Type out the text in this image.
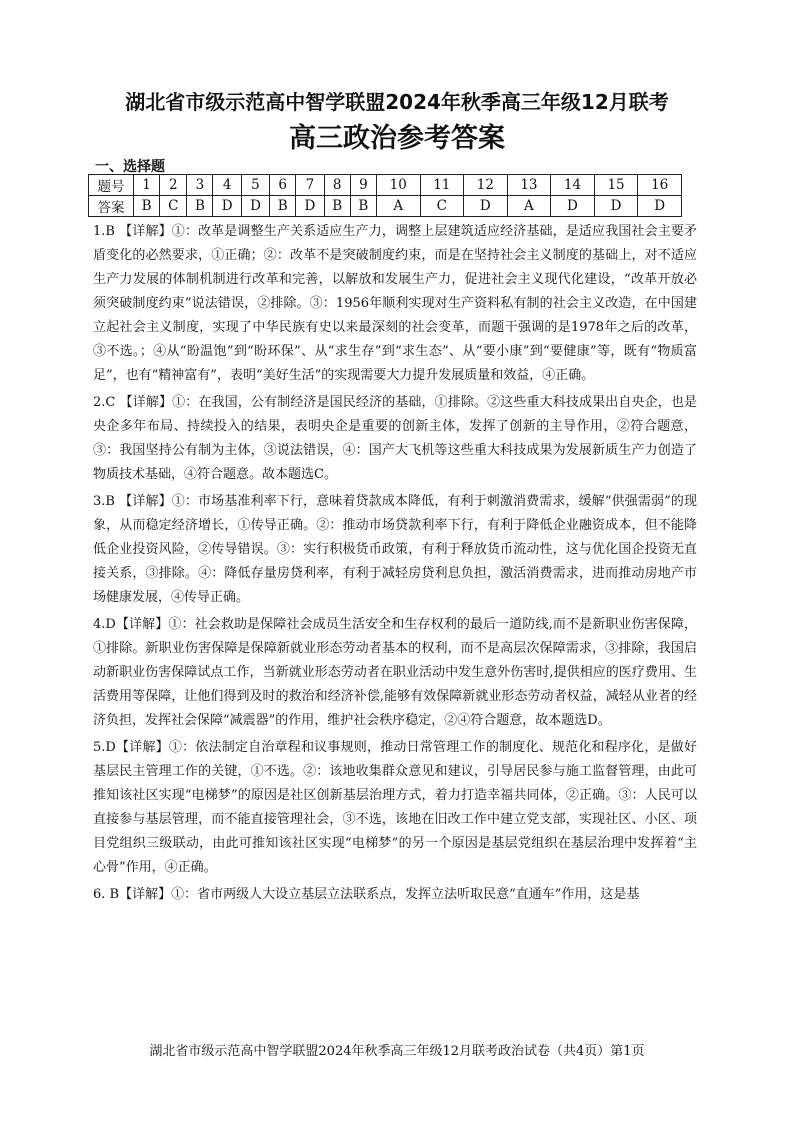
湖北省市级示范高中智学联盟2024年秋季高三年级12月联考
高三政治参考答案
一、选择题
题号	1	2	3	4	5	6	7	8	9	10	11	12	13	14	15	16
答案	B	C	B	D	D	B	D	B	B	A	C	D	A	D	D	D

1.B 【详解】①：改革是调整生产关系适应生产力，调整上层建筑适应经济基础，是适应我国社会主要矛盾变化的必然要求，①正确；②：改革不是突破制度约束，而是在坚持社会主义制度的基础上，对不适应生产力发展的体制机制进行改革和完善，以解放和发展生产力，促进社会主义现代化建设，“改革开放必须突破制度约束”说法错误，②排除。③：1956年顺利实现对生产资料私有制的社会主义改造，在中国建立起社会主义制度，实现了中华民族有史以来最深刻的社会变革，而题干强调的是1978年之后的改革，③不选。；④从“盼温饱”到“盼环保”、从“求生存”到“求生态”、从“要小康”到“要健康”等，既有“物质富足”，也有“精神富有”，表明“美好生活”的实现需要大力提升发展质量和效益，④正确。

2.C 【详解】①：在我国，公有制经济是国民经济的基础，①排除。②这些重大科技成果出自央企，也是央企多年布局、持续投入的结果，表明央企是重要的创新主体，发挥了创新的主导作用，②符合题意，③：我国坚持公有制为主体，③说法错误，④：国产大飞机等这些重大科技成果为发展新质生产力创造了物质技术基础，④符合题意。故本题选C。

3.B 【详解】①：市场基准利率下行，意味着贷款成本降低，有利于刺激消费需求，缓解“供强需弱”的现象，从而稳定经济增长，①传导正确。②：推动市场贷款利率下行，有利于降低企业融资成本，但不能降低企业投资风险，②传导错误。③：实行积极货币政策，有利于释放货币流动性，这与优化国企投资无直接关系，③排除。④：降低存量房贷利率，有利于减轻房贷利息负担，激活消费需求，进而推动房地产市场健康发展，④传导正确。

4.D【详解】①：社会救助是保障社会成员生活安全和生存权利的最后一道防线,而不是新职业伤害保障，①排除。新职业伤害保障是保障新就业形态劳动者基本的权利，而不是高层次保障需求，③排除，我国启动新职业伤害保障试点工作，当新就业形态劳动者在职业活动中发生意外伤害时,提供相应的医疗费用、生活费用等保障，让他们得到及时的救治和经济补偿,能够有效保障新就业形态劳动者权益，减轻从业者的经济负担，发挥社会保障“减震器”的作用，维护社会秩序稳定，②④符合题意，故本题选D。

5.D【详解】①：依法制定自治章程和议事规则，推动日常管理工作的制度化、规范化和程序化，是做好基层民主管理工作的关键，①不选。②：该地收集群众意见和建议，引导居民参与施工监督管理，由此可推知该社区实现“电梯梦”的原因是社区创新基层治理方式，着力打造幸福共同体，②正确。③：人民可以直接参与基层管理，而不能直接管理社会，③不选，该地在旧改工作中建立党支部，实现社区、小区、项目党组织三级联动，由此可推知该社区实现“电梯梦”的另一个原因是基层党组织在基层治理中发挥着“主心骨”作用，④正确。

6. B【详解】①：省市两级人大设立基层立法联系点，发挥立法听取民意“直通车”作用，这是基

湖北省市级示范高中智学联盟2024年秋季高三年级12月联考政治试卷（共4页）第1页
